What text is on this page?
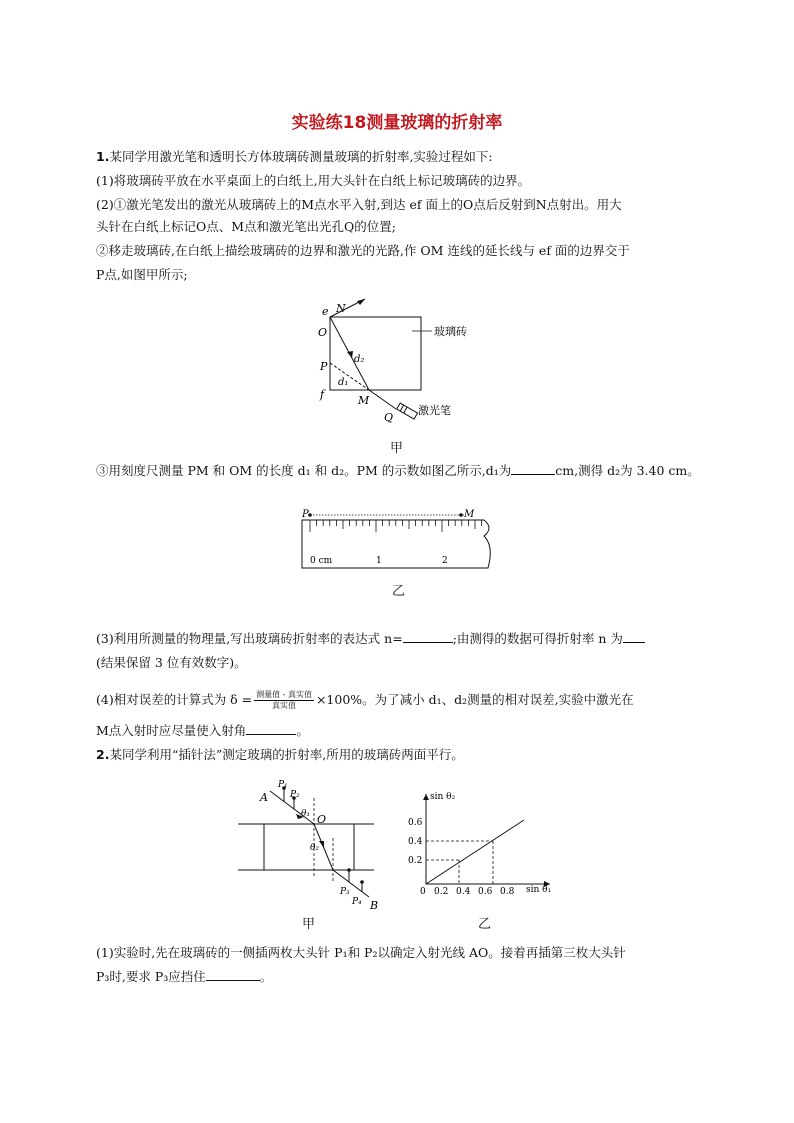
实验练18测量玻璃的折射率
1.某同学用激光笔和透明长方体玻璃砖测量玻璃的折射率,实验过程如下:
(1)将玻璃砖平放在水平桌面上的白纸上,用大头针在白纸上标记玻璃砖的边界。
(2)①激光笔发出的激光从玻璃砖上的M点水平入射,到达 ef 面上的O点后反射到N点射出。用大
头针在白纸上标记O点、M点和激光笔出光孔Q的位置;
②移走玻璃砖,在白纸上描绘玻璃砖的边界和激光的光路,作 OM 连线的延长线与 ef 面的边界交于
P点,如图甲所示;
e N
O
P
f	M
Q
d₂
d₁
玻璃砖
激光笔
甲
③用刻度尺测量 PM 和 OM 的长度 d₁ 和 d₂。PM 的示数如图乙所示,d₁为	cm,测得 d₂为 3.40 cm。
P	M
0 cm	1	2
乙
(3)利用所测量的物理量,写出玻璃砖折射率的表达式 n=	;由测得的数据可得折射率 n 为
(结果保留 3 位有效数字)。
(4)相对误差的计算式为 $\delta = \frac{\text{测量值 - 真实值}}{\text{真实值}} \times 100\%$。为了减小 d₁、d₂测量的相对误差,实验中激光在
M点入射时应尽量使入射角	。
2.某同学利用“插针法”测定玻璃的折射率,所用的玻璃砖两面平行。
A
B
O
P₁
P₂
P₃
P₄
θ₁
θ₂
甲
sin θ₂
sin θ₁
0
0.2
0.4
0.6
0.2 0.4 0.6 0.8
乙
(1)实验时,先在玻璃砖的一侧插两枚大头针 P₁和 P₂以确定入射光线 AO。接着再插第三枚大头针
P₃时,要求 P₃应挡住	。
